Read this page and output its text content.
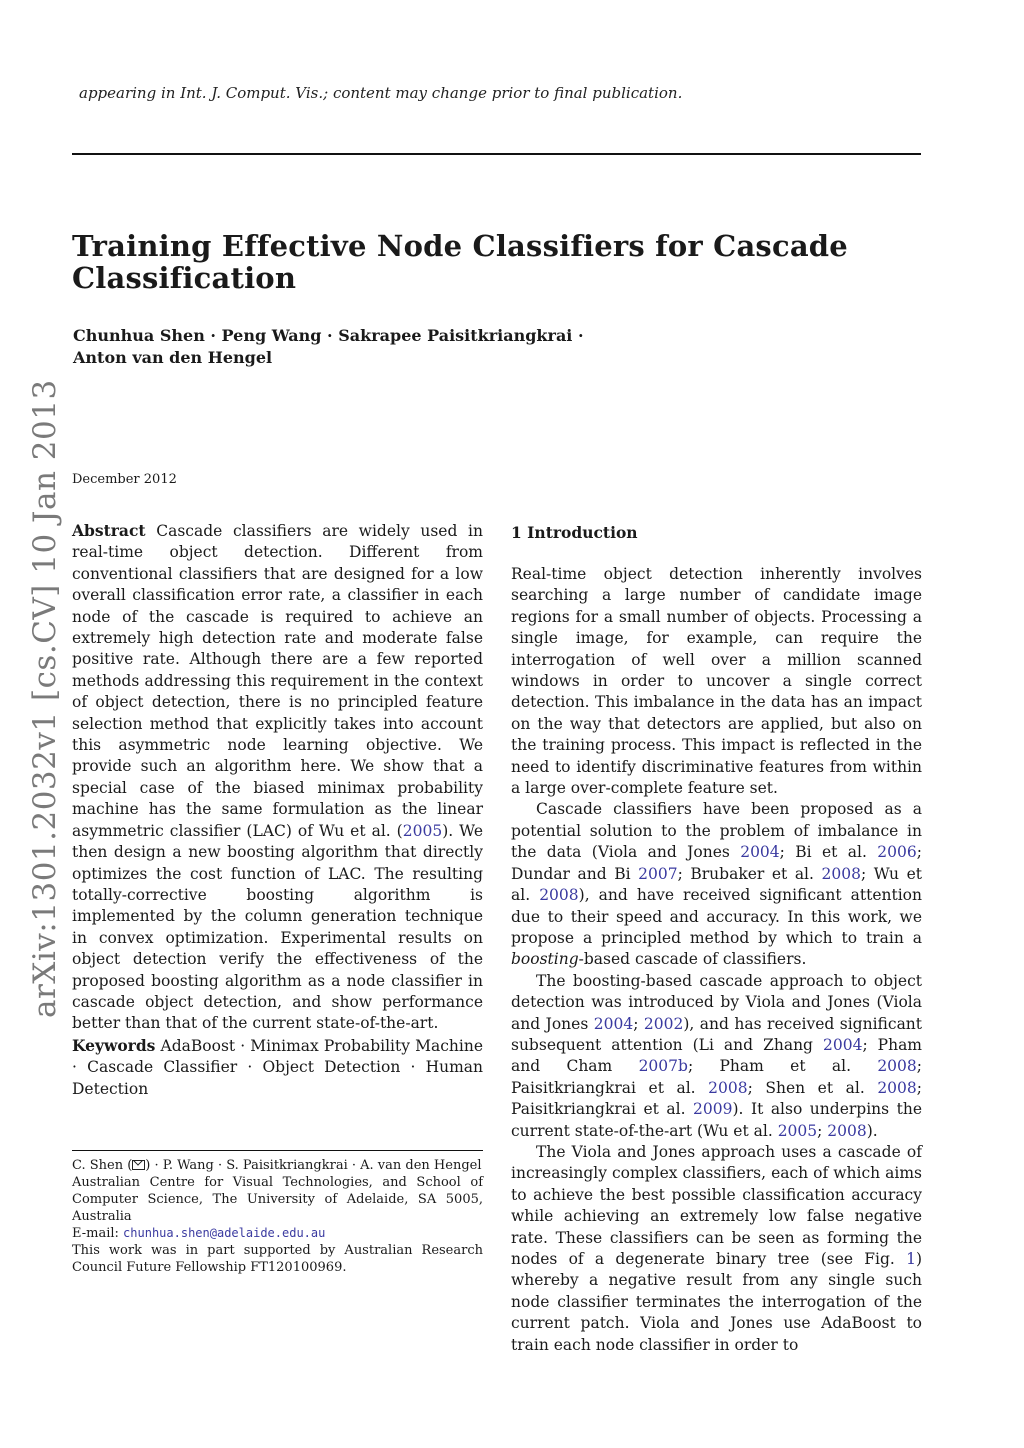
appearing in Int. J. Comput. Vis.; content may change prior to final publication.
Training Effective Node Classifiers for Cascade Classification
Chunhua Shen · Peng Wang · Sakrapee Paisitkriangkrai ·
Anton van den Hengel
December 2012
arXiv:1301.2032v1 [cs.CV] 10 Jan 2013 Abstract Cascade classifiers are widely used in real-time object detection. Different from conventional classifiers that are designed for a low overall classification error rate, a classifier in each node of the cascade is required to achieve an extremely high detection rate and moderate false positive rate. Although there are a few reported methods addressing this requirement in the context of object detection, there is no principled feature selection method that explicitly takes into account this asymmetric node learning objective. We provide such an algorithm here. We show that a special case of the biased minimax probability machine has the same formulation as the linear asymmetric classifier (LAC) of Wu et al. (2005). We then design a new boosting algorithm that directly optimizes the cost function of LAC. The resulting totally-corrective boosting algorithm is implemented by the column generation technique in convex optimization. Experimental results on object detection verify the effectiveness of the proposed boosting algorithm as a node classifier in cascade object detection, and show performance better than that of the current state-of-the-art.

Keywords AdaBoost · Minimax Probability Machine · Cascade Classifier · Object Detection · Human Detection

C. Shen ( ) · P. Wang · S. Paisitkriangkrai · A. van den Hengel
Australian Centre for Visual Technologies, and School of Computer Science, The University of Adelaide, SA 5005, Australia
E-mail: chunhua.shen@adelaide.edu.au
This work was in part supported by Australian Research Council Future Fellowship FT120100969.
1 Introduction

Real-time object detection inherently involves searching a large number of candidate image regions for a small number of objects. Processing a single image, for example, can require the interrogation of well over a million scanned windows in order to uncover a single correct detection. This imbalance in the data has an impact on the way that detectors are applied, but also on the training process. This impact is reflected in the need to identify discriminative features from within a large over-complete feature set.

Cascade classifiers have been proposed as a potential solution to the problem of imbalance in the data (Viola and Jones 2004; Bi et al. 2006; Dundar and Bi 2007; Brubaker et al. 2008; Wu et al. 2008), and have received significant attention due to their speed and accuracy. In this work, we propose a principled method by which to train a boosting-based cascade of classifiers.

The boosting-based cascade approach to object detection was introduced by Viola and Jones (Viola and Jones 2004; 2002), and has received significant subsequent attention (Li and Zhang 2004; Pham and Cham 2007b; Pham et al. 2008; Paisitkriangkrai et al. 2008; Shen et al. 2008; Paisitkriangkrai et al. 2009). It also underpins the current state-of-the-art (Wu et al. 2005; 2008).

The Viola and Jones approach uses a cascade of increasingly complex classifiers, each of which aims to achieve the best possible classification accuracy while achieving an extremely low false negative rate. These classifiers can be seen as forming the nodes of a degenerate binary tree (see Fig. 1) whereby a negative result from any single such node classifier terminates the interrogation of the current patch. Viola and Jones use AdaBoost to train each node classifier in order to
